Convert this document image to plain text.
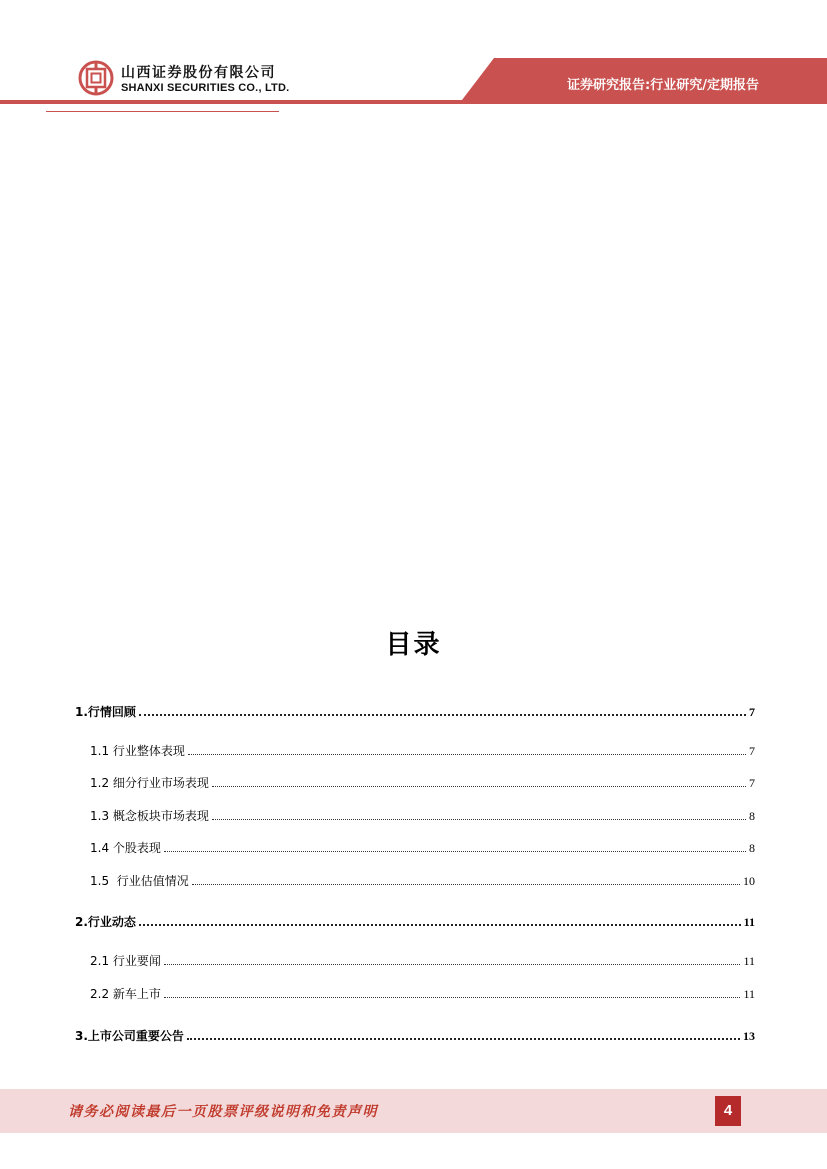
山西证券股份有限公司
SHANXI SECURITIES CO., LTD.	证券研究报告:行业研究/定期报告
目录
1.行情回顾	7
1.1 行业整体表现	7
1.2 细分行业市场表现	7
1.3 概念板块市场表现	8
1.4 个股表现	8
1.5  行业估值情况	10
2.行业动态	11
2.1 行业要闻	11
2.2 新车上市	11
3.上市公司重要公告	13
请务必阅读最后一页股票评级说明和免责声明	4
